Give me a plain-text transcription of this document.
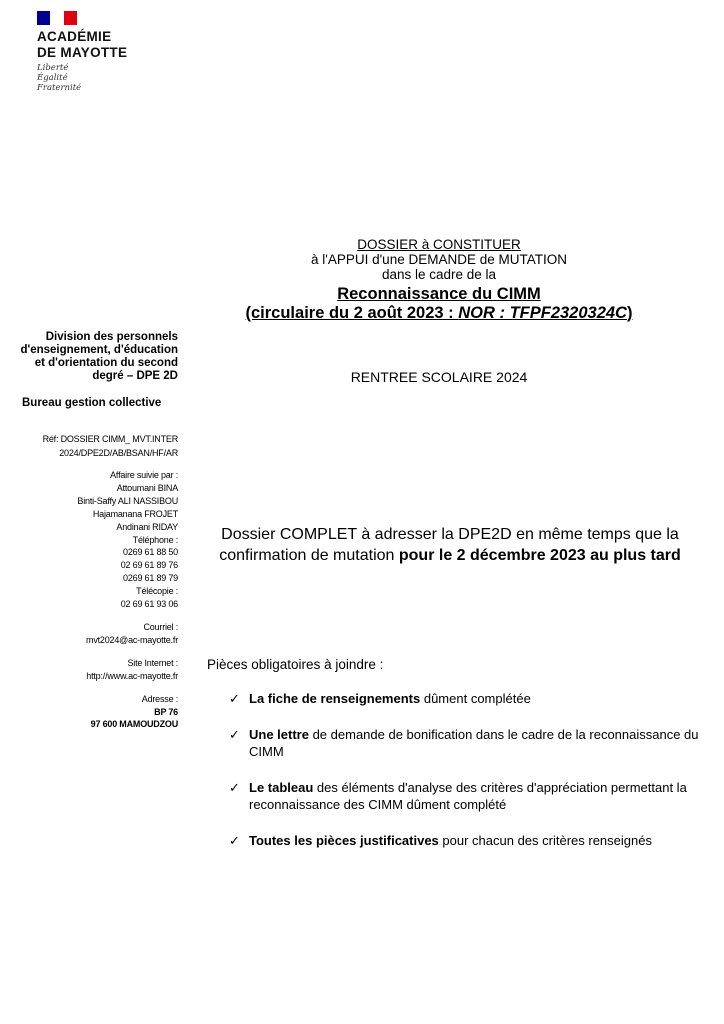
ACADÉMIE
DE MAYOTTE
Liberté
Égalité
Fraternité
DOSSIER à CONSTITUER
à l'APPUI d'une DEMANDE de MUTATION
dans le cadre de la
Reconnaissance du CIMM
(circulaire du 2 août 2023 : NOR : TFPF2320324C)
RENTREE SCOLAIRE 2024
Division des personnels
d'enseignement, d'éducation
et d'orientation du second
degré – DPE 2D
Bureau gestion collective
Réf: DOSSIER CIMM_ MVT.INTER
2024/DPE2D/AB/BSAN/HF/AR
Affaire suivie par :
Attoumani BINA
Binti-Saffy ALI NASSIBOU
Hajamanana FROJET
Andinani RIDAY
Téléphone :
0269 61 88 50
02 69 61 89 76
0269 61 89 79
Télécopie :
02 69 61 93 06
Courriel :
mvt2024@ac-mayotte.fr
Site Internet :
http://www.ac-mayotte.fr
Adresse :
BP 76
97 600 MAMOUDZOU
Dossier COMPLET à adresser la DPE2D en même temps que la confirmation de mutation pour le 2 décembre 2023 au plus tard
Pièces obligatoires à joindre :
✓ La fiche de renseignements dûment complétée
✓ Une lettre de demande de bonification dans le cadre de la reconnaissance du CIMM
✓ Le tableau des éléments d'analyse des critères d'appréciation permettant la reconnaissance des CIMM dûment complété
✓ Toutes les pièces justificatives pour chacun des critères renseignés
